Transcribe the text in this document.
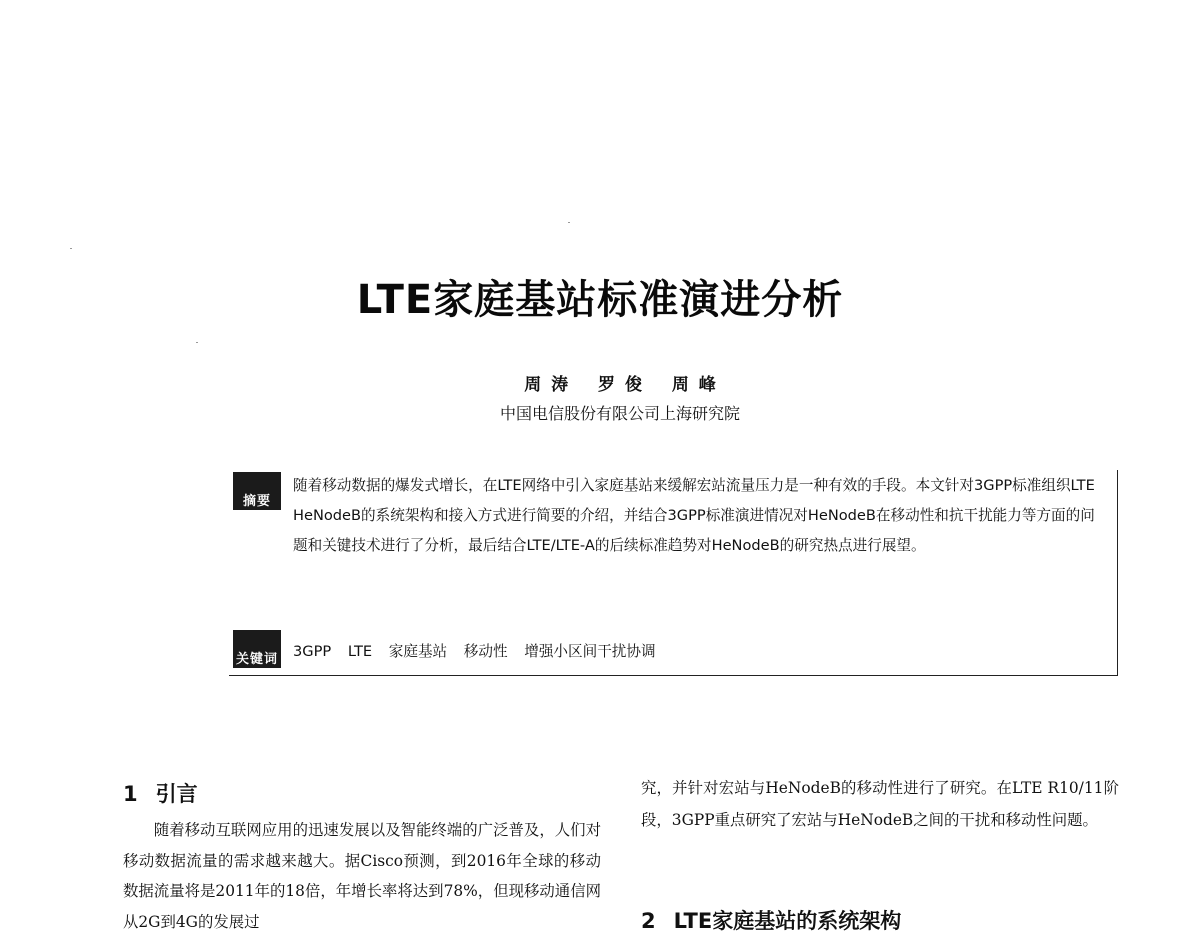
LTE家庭基站标准演进分析
周 涛 罗 俊 周 峰
中国电信股份有限公司上海研究院
摘要
随着移动数据的爆发式增长，在LTE网络中引入家庭基站来缓解宏站流量压力是一种有效的手段。本文针对3GPP标准组织LTE HeNodeB的系统架构和接入方式进行简要的介绍，并结合3GPP标准演进情况对HeNodeB在移动性和抗干扰能力等方面的问题和关键技术进行了分析，最后结合LTE/LTE-A的后续标准趋势对HeNodeB的研究热点进行展望。
关键词 3GPP LTE 家庭基站 移动性 增强小区间干扰协调
1 引言
随着移动互联网应用的迅速发展以及智能终端的广泛普及，人们对移动数据流量的需求越来越大。据Cisco预测，到2016年全球的移动数据流量将是2011年的18倍，年增长率将达到78%，但现移动通信网从2G到4G的发展过
究，并针对宏站与HeNodeB的移动性进行了研究。在LTE R10/11阶段，3GPP重点研究了宏站与HeNodeB之间的干扰和移动性问题。
2 LTE家庭基站的系统架构
